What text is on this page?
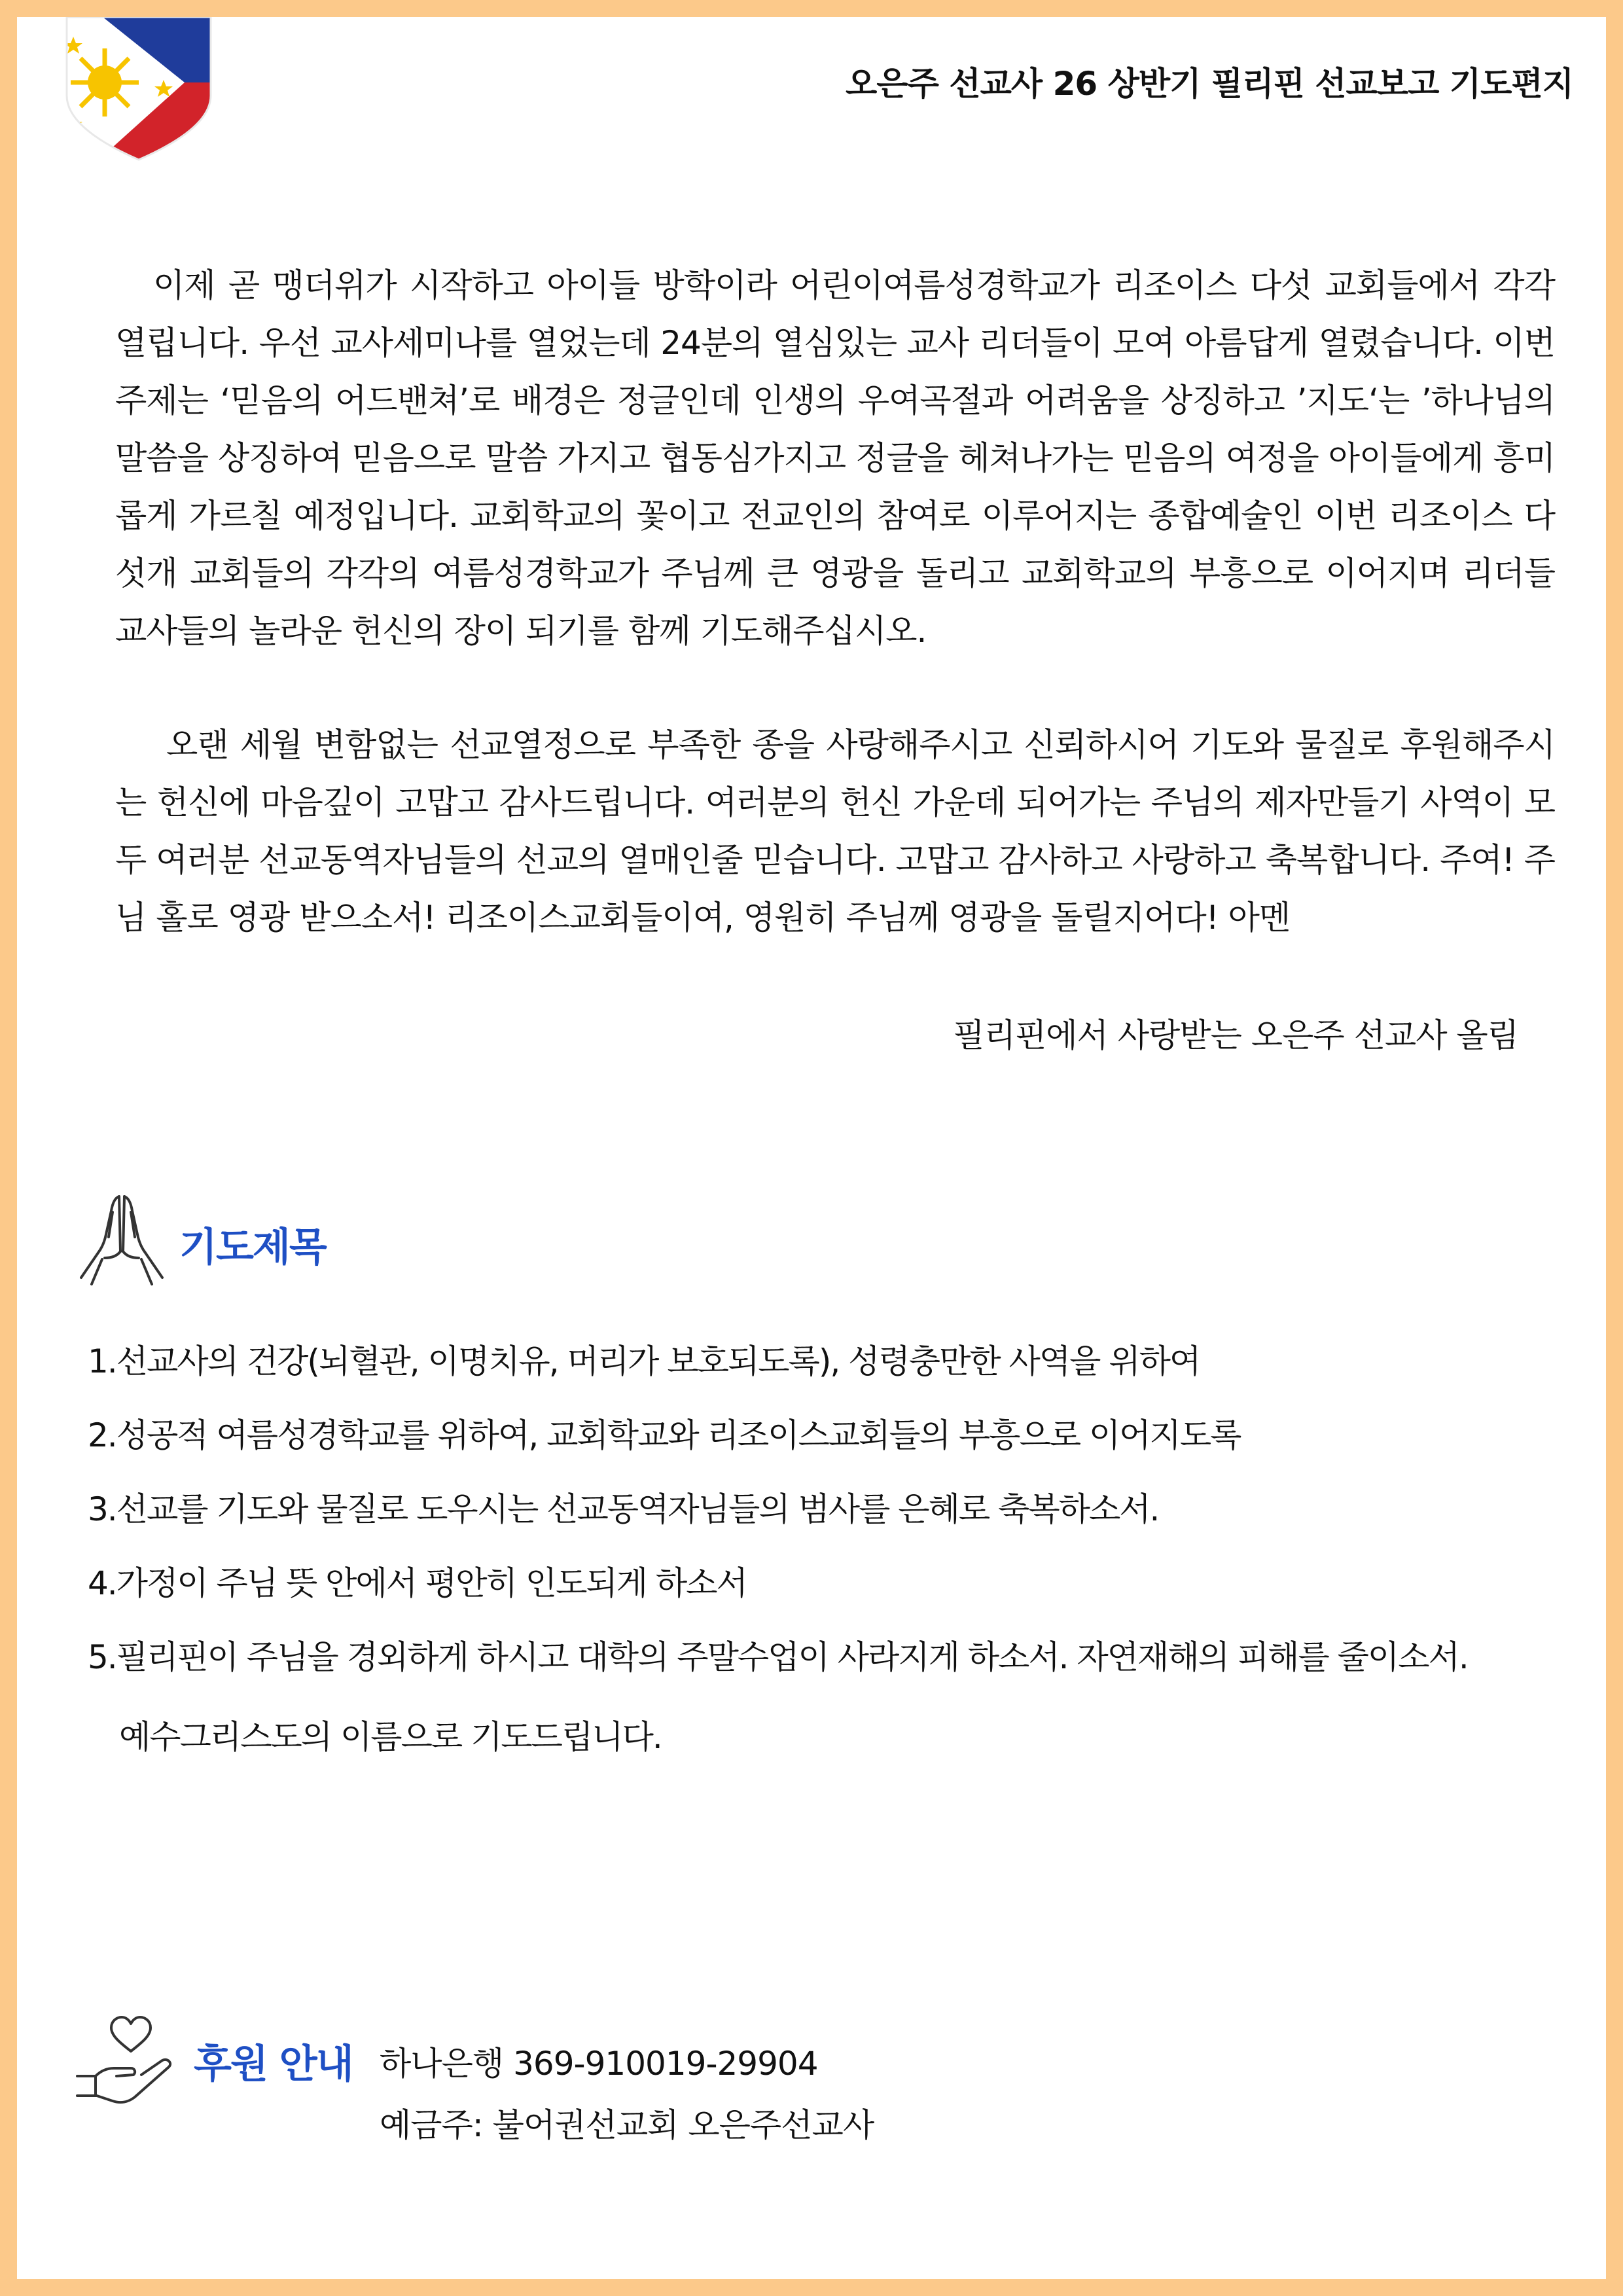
오은주 선교사 26 상반기 필리핀 선교보고 기도편지

이제 곧 맹더위가 시작하고 아이들 방학이라 어린이여름성경학교가 리조이스 다섯 교회들에서 각각 열립니다. 우선 교사세미나를 열었는데 24분의 열심있는 교사 리더들이 모여 아름답게 열렸습니다. 이번 주제는 ‘믿음의 어드밴쳐’로 배경은 정글인데 인생의 우여곡절과 어려움을 상징하고 ’지도‘는 ’하나님의 말씀을 상징하여 믿음으로 말씀 가지고 협동심가지고 정글을 헤쳐나가는 믿음의 여정을 아이들에게 흥미롭게 가르칠 예정입니다. 교회학교의 꽃이고 전교인의 참여로 이루어지는 종합예술인 이번 리조이스 다섯개 교회들의 각각의 여름성경학교가 주님께 큰 영광을 돌리고 교회학교의 부흥으로 이어지며 리더들 교사들의 놀라운 헌신의 장이 되기를 함께 기도해주십시오.

오랜 세월 변함없는 선교열정으로 부족한 종을 사랑해주시고 신뢰하시어 기도와 물질로 후원해주시는 헌신에 마음깊이 고맙고 감사드립니다. 여러분의 헌신 가운데 되어가는 주님의 제자만들기 사역이 모두 여러분 선교동역자님들의 선교의 열매인줄 믿습니다. 고맙고 감사하고 사랑하고 축복합니다. 주여! 주님 홀로 영광 받으소서! 리조이스교회들이여, 영원히 주님께 영광을 돌릴지어다! 아멘

필리핀에서 사랑받는 오은주 선교사 올림
기도제목
1.선교사의 건강(뇌혈관, 이명치유, 머리가 보호되도록), 성령충만한 사역을 위하여
2.성공적 여름성경학교를 위하여, 교회학교와 리조이스교회들의 부흥으로 이어지도록
3.선교를 기도와 물질로 도우시는 선교동역자님들의 범사를 은혜로 축복하소서.
4.가정이 주님 뜻 안에서 평안히 인도되게 하소서
5.필리핀이 주님을 경외하게 하시고 대학의 주말수업이 사라지게 하소서. 자연재해의 피해를 줄이소서.
예수그리스도의 이름으로 기도드립니다.
후원 안내 하나은행 369-910019-29904
예금주: 불어권선교회 오은주선교사
